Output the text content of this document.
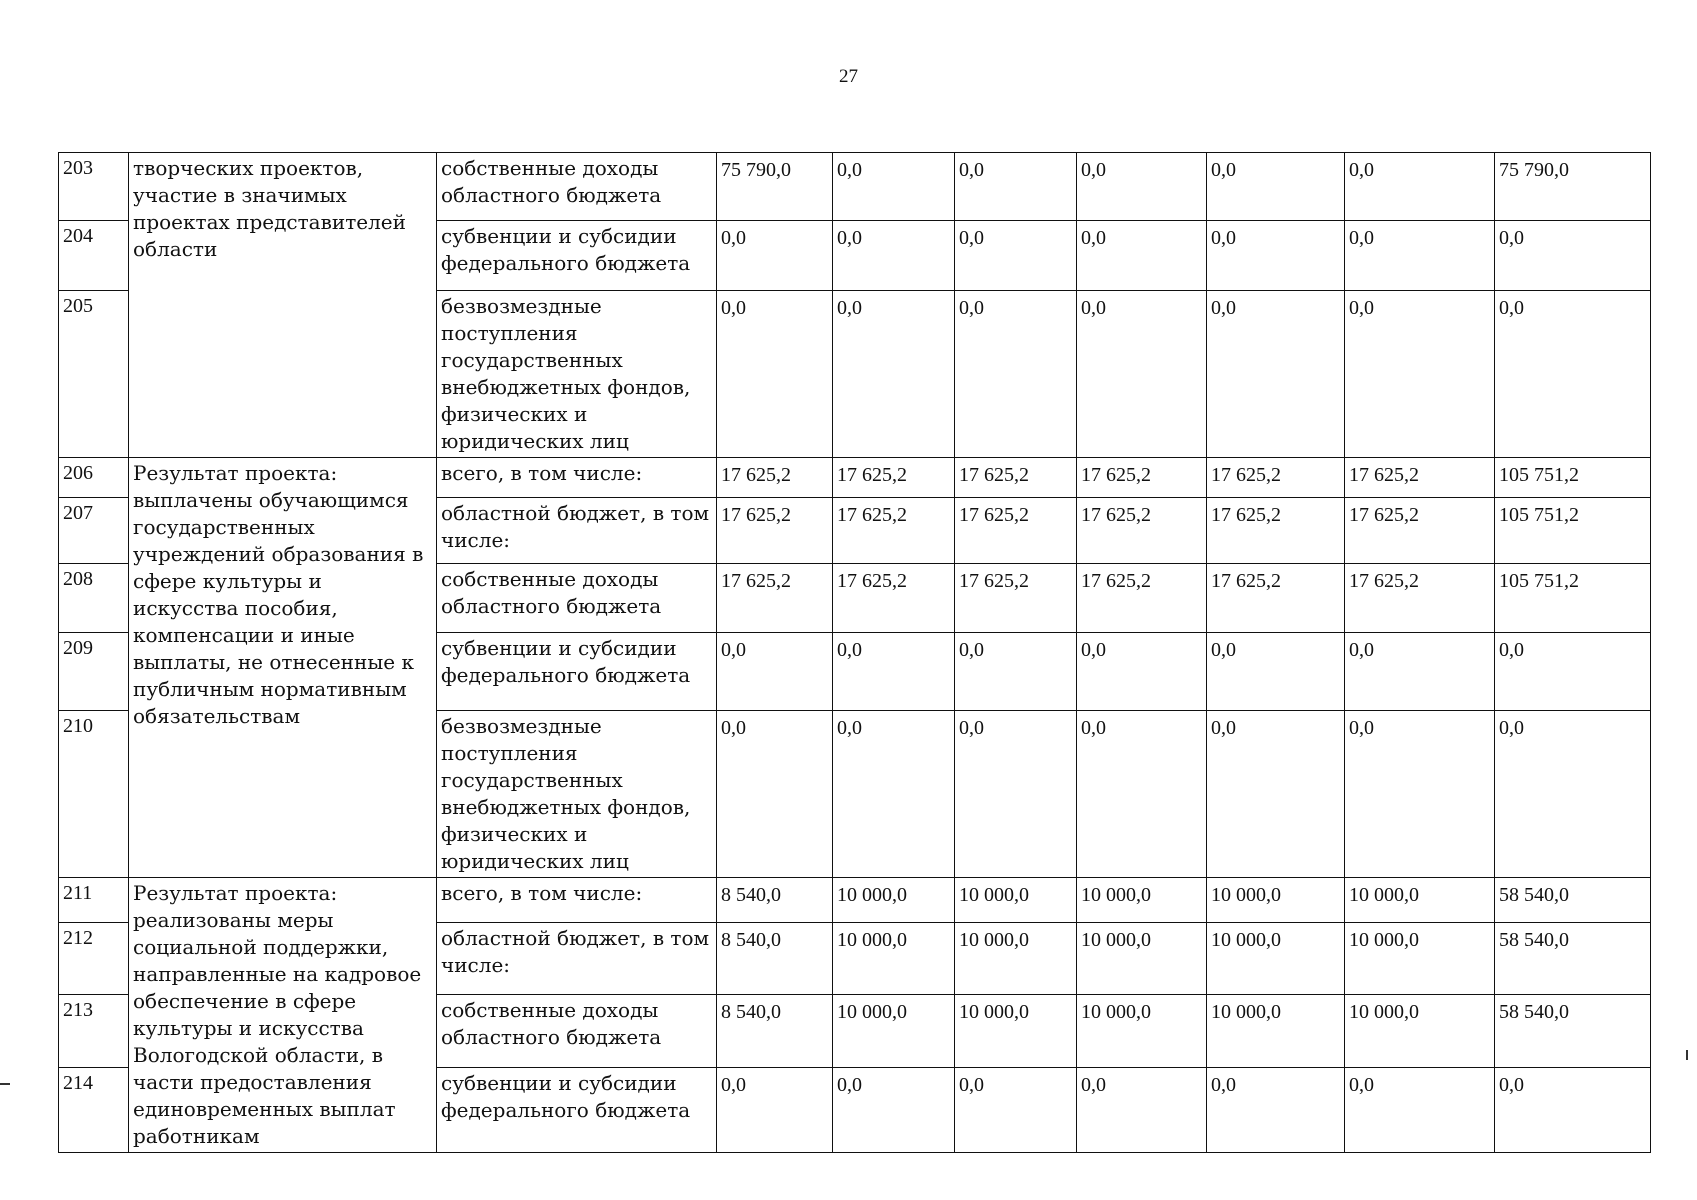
27
203	творческих проектов, участие в значимых проектах представителей области	собственные доходы областного бюджета	75 790,0	0,0	0,0	0,0	0,0	0,0	75 790,0
204		субвенции и субсидии федерального бюджета	0,0	0,0	0,0	0,0	0,0	0,0	0,0
205		безвозмездные поступления государственных внебюджетных фондов, физических и юридических лиц	0,0	0,0	0,0	0,0	0,0	0,0	0,0
206	Результат проекта: выплачены обучающимся государственных учреждений образования в сфере культуры и искусства пособия, компенсации и иные выплаты, не отнесенные к публичным нормативным обязательствам	всего, в том числе:	17 625,2	17 625,2	17 625,2	17 625,2	17 625,2	17 625,2	105 751,2
207		областной бюджет, в том числе:	17 625,2	17 625,2	17 625,2	17 625,2	17 625,2	17 625,2	105 751,2
208		собственные доходы областного бюджета	17 625,2	17 625,2	17 625,2	17 625,2	17 625,2	17 625,2	105 751,2
209		субвенции и субсидии федерального бюджета	0,0	0,0	0,0	0,0	0,0	0,0	0,0
210		безвозмездные поступления государственных внебюджетных фондов, физических и юридических лиц	0,0	0,0	0,0	0,0	0,0	0,0	0,0
211	Результат проекта: реализованы меры социальной поддержки, направленные на кадровое обеспечение в сфере культуры и искусства Вологодской области, в части предоставления единовременных выплат работникам	всего, в том числе:	8 540,0	10 000,0	10 000,0	10 000,0	10 000,0	10 000,0	58 540,0
212		областной бюджет, в том числе:	8 540,0	10 000,0	10 000,0	10 000,0	10 000,0	10 000,0	58 540,0
213		собственные доходы областного бюджета	8 540,0	10 000,0	10 000,0	10 000,0	10 000,0	10 000,0	58 540,0
214		субвенции и субсидии федерального бюджета	0,0	0,0	0,0	0,0	0,0	0,0	0,0
